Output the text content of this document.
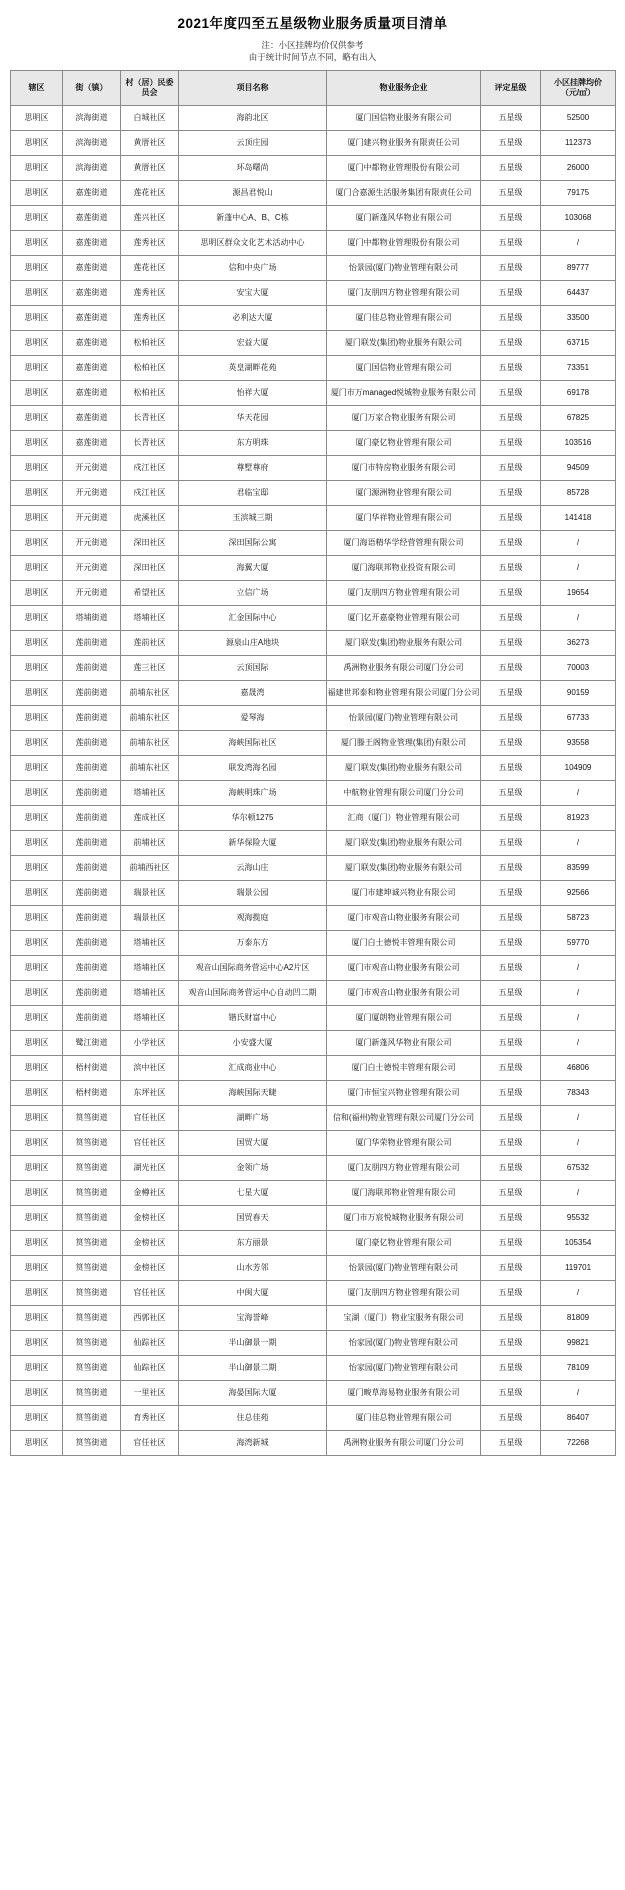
2021年度四至五星级物业服务质量项目清单
注：小区挂牌均价仅供参考
由于统计时间节点不同，略有出入
辖区	街（镇）	村（居）民委员会	项目名称	物业服务企业	评定星级	小区挂牌均价
（元/㎡）

思明区	滨海街道	白城社区	海韵北区	厦门国信物业服务有限公司	五星级	52500
思明区	滨海街道	黄厝社区	云顶庄园	厦门建兴物业服务有限责任公司	五星级	112373
思明区	滨海街道	黄厝社区	环岛曙尚	厦门中都物业管理股份有限公司	五星级	26000
思明区	嘉莲街道	莲花社区	源昌君悦山	厦门合嘉源生活服务集团有限责任公司	五星级	79175
思明区	嘉莲街道	莲兴社区	新蓬中心A、B、C栋	厦门新蓬风华物业有限公司	五星级	103068
思明区	嘉莲街道	莲秀社区	思明区群众文化艺术活动中心	厦门中都物业管理股份有限公司	五星级	/
思明区	嘉莲街道	莲花社区	信和中央广场	怡景园(厦门)物业管理有限公司	五星级	89777
思明区	嘉莲街道	莲秀社区	安宝大厦	厦门友朋四方物业管理有限公司	五星级	64437
思明区	嘉莲街道	莲秀社区	必利达大厦	厦门佳总物业管理有限公司	五星级	33500
思明区	嘉莲街道	松柏社区	宏益大厦	厦门联发(集团)物业服务有限公司	五星级	63715
思明区	嘉莲街道	松柏社区	英皇湖畔花苑	厦门国信物业管理有限公司	五星级	73351
思明区	嘉莲街道	松柏社区	怡祥大厦	厦门市万managed悦城物业服务有限公司	五星级	69178
思明区	嘉莲街道	长青社区	华天花园	厦门万家合物业服务有限公司	五星级	67825
思明区	嘉莲街道	长青社区	东方明珠	厦门豪亿物业管理有限公司	五星级	103516
思明区	开元街道	戍江社区	尊墅尊府	厦门市特房物业服务有限公司	五星级	94509
思明区	开元街道	戍江社区	君临宝邸	厦门源洲物业管理有限公司	五星级	85728
思明区	开元街道	虎溪社区	玉滨城三期	厦门华祥物业管理有限公司	五星级	141418
思明区	开元街道	深田社区	深田国际公寓	厦门海语精华学经营管理有限公司	五星级	/
思明区	开元街道	深田社区	海翼大厦	厦门海联邦物业投资有限公司	五星级	/
思明区	开元街道	希望社区	立信广场	厦门友朋四方物业管理有限公司	五星级	19654
思明区	塔埔街道	塔埔社区	汇金国际中心	厦门亿开嘉豪物业管理有限公司	五星级	/
思明区	莲前街道	莲前社区	源泉山庄A地块	厦门联发(集团)物业服务有限公司	五星级	36273
思明区	莲前街道	莲三社区	云顶国际	禹洲物业服务有限公司厦门分公司	五星级	70003
思明区	莲前街道	前埔东社区	嘉晟湾	福建世邦泰和物业管理有限公司厦门分公司	五星级	90159
思明区	莲前街道	前埔东社区	爱琴海	怡景园(厦门)物业管理有限公司	五星级	67733
思明区	莲前街道	前埔东社区	海峡国际社区	厦门滕王阁物业管理(集团)有限公司	五星级	93558
思明区	莲前街道	前埔东社区	联发湾海名园	厦门联发(集团)物业服务有限公司	五星级	104909
思明区	莲前街道	塔埔社区	海峡明珠广场	中航物业管理有限公司厦门分公司	五星级	/
思明区	莲前街道	莲成社区	华尔顿1275	汇商（厦门）物业管理有限公司	五星级	81923
思明区	莲前街道	前埔社区	新华保险大厦	厦门联发(集团)物业服务有限公司	五星级	/
思明区	莲前街道	前埔西社区	云海山庄	厦门联发(集团)物业服务有限公司	五星级	83599
思明区	莲前街道	瑞景社区	瑞景公园	厦门市建坤诚兴物业有限公司	五星级	92566
思明区	莲前街道	瑞景社区	观海揽庭	厦门市观音山物业服务有限公司	五星级	58723
思明区	莲前街道	塔埔社区	万泰东方	厦门白士德悦丰管理有限公司	五星级	59770
思明区	莲前街道	塔埔社区	观音山国际商务营运中心A2片区	厦门市观音山物业服务有限公司	五星级	/
思明区	莲前街道	塔埔社区	观音山国际商务营运中心自动凹二期	厦门市观音山物业服务有限公司	五星级	/
思明区	莲前街道	塔埔社区	锴氏财富中心	厦门厦朗物业管理有限公司	五星级	/
思明区	鹭江街道	小学社区	小安盛大厦	厦门新蓬风华物业有限公司	五星级	/
思明区	梧村街道	滨中社区	汇成商业中心	厦门白士德悦丰管理有限公司	五星级	46806
思明区	梧村街道	东坪社区	海峡国际天睫	厦门市恒宝兴物业管理有限公司	五星级	78343
思明区	筼筜街道	官任社区	湖畔广场	信和(福州)物业管理有限公司厦门分公司	五星级	/
思明区	筼筜街道	官任社区	国贸大厦	厦门华荣物业管理有限公司	五星级	/
思明区	筼筜街道	湖光社区	金领广场	厦门友朋四方物业管理有限公司	五星级	67532
思明区	筼筜街道	金樽社区	七星大厦	厦门海联邦物业管理有限公司	五星级	/
思明区	筼筜街道	金榜社区	国贸春天	厦门市万宸悦城物业服务有限公司	五星级	95532
思明区	筼筜街道	金榜社区	东方丽景	厦门豪亿物业管理有限公司	五星级	105354
思明区	筼筜街道	金榜社区	山水芳邻	怡景园(厦门)物业管理有限公司	五星级	119701
思明区	筼筜街道	官任社区	中闽大厦	厦门友朋四方物业管理有限公司	五星级	/
思明区	筼筜街道	西郭社区	宝海誉峰	宝湖（厦门）物业宝服务有限公司	五星级	81809
思明区	筼筜街道	仙踪社区	半山御景一期	怡家园(厦门)物业管理有限公司	五星级	99821
思明区	筼筜街道	仙踪社区	半山御景二期	怡家园(厦门)物业管理有限公司	五星级	78109
思明区	筼筜街道	一里社区	海晏国际大厦	厦门畯草海易物业服务有限公司	五星级	/
思明区	筼筜街道	育秀社区	住总佳苑	厦门佳总物业管理有限公司	五星级	86407
思明区	筼筜街道	官任社区	海湾新城	禹洲物业服务有限公司厦门分公司	五星级	72268
